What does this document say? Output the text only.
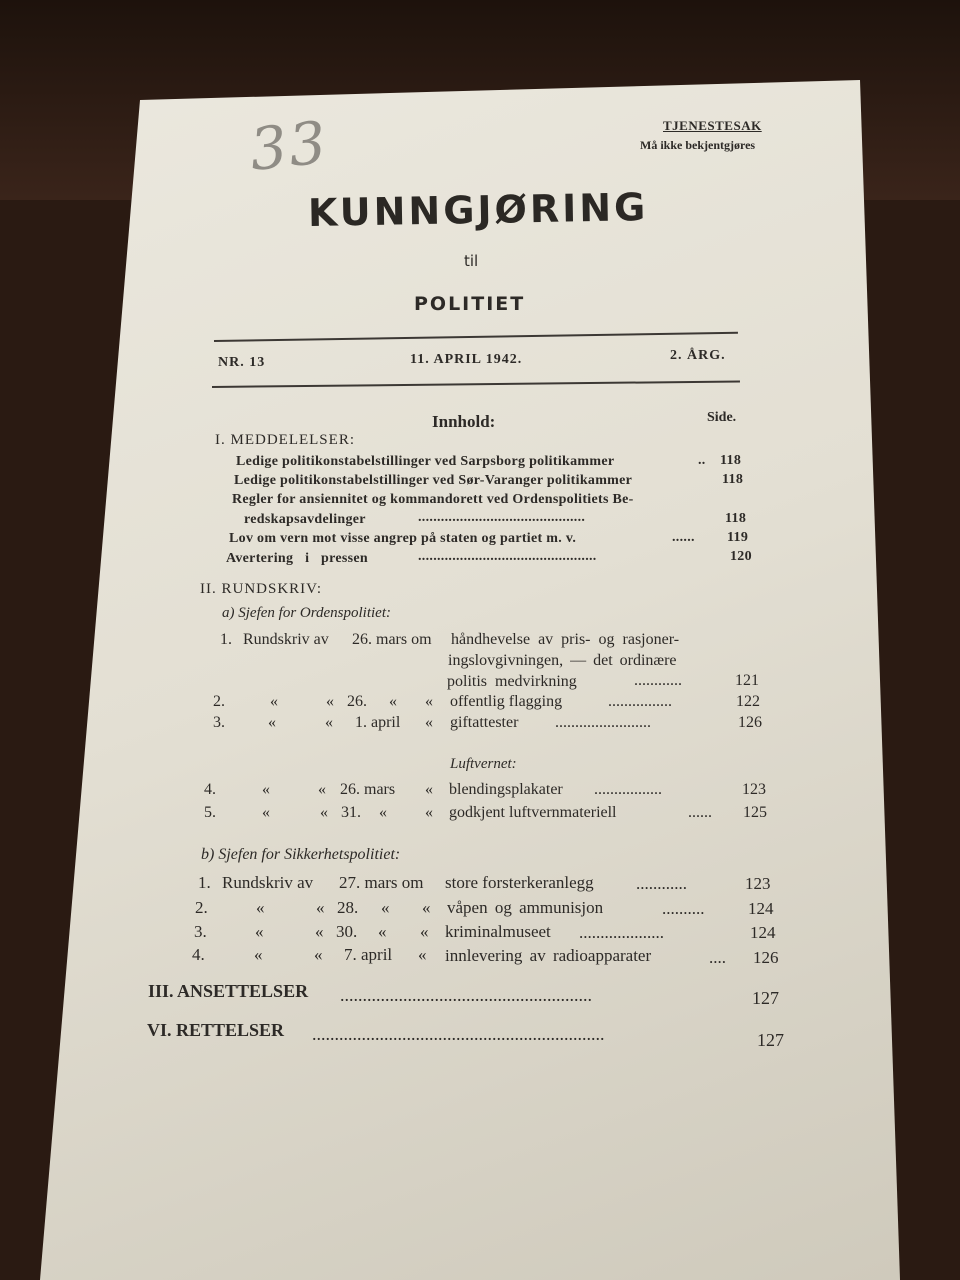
33	TJENESTESAK
Må ikke bekjentgjøres
KUNNGJØRING
til
POLITIET
NR. 13	11. APRIL 1942.	2. ÅRG.
Innhold:	Side.
I. MEDDELELSER:
Ledige politikonstabelstillinger ved Sarpsborg politikammer	.. 118
Ledige politikonstabelstillinger ved Sør-Varanger politikammer	118
Regler for ansiennitet og kommandorett ved Ordenspolitiets Be-
redskapsavdelinger	............................................	118
Lov om vern mot visse angrep på staten og partiet m. v.	...... 119
Avertering i pressen	...............................................	120
II. RUNDSKRIV:
a) Sjefen for Ordenspolitiet:
1. Rundskriv av 26. mars om håndhevelse av pris- og rasjoner-
ingslovgivningen, — det ordinære
politis medvirkning	............	121
2.	«	« 26. « « offentlig flagging	................	122
3.	«	« 1. april « giftattester ........................	126
Luftvernet:
4.	«	« 26. mars « blendingsplakater .................	123
5.	«	« 31. « « godkjent luftvernmateriell	...... 125
b) Sjefen for Sikkerhetspolitiet:
1. Rundskriv av 27. mars om store forsterkeranlegg ............	123
2.	«	« 28. « « våpen og ammunisjon	..........	124
3.	«	« 30. « « kriminalmuseet ....................	124
4.	«	« 7. april « innlevering av radioapparater	.... 126
III. ANSETTELSER ........................................................	127
VI. RETTELSER .................................................................	127
